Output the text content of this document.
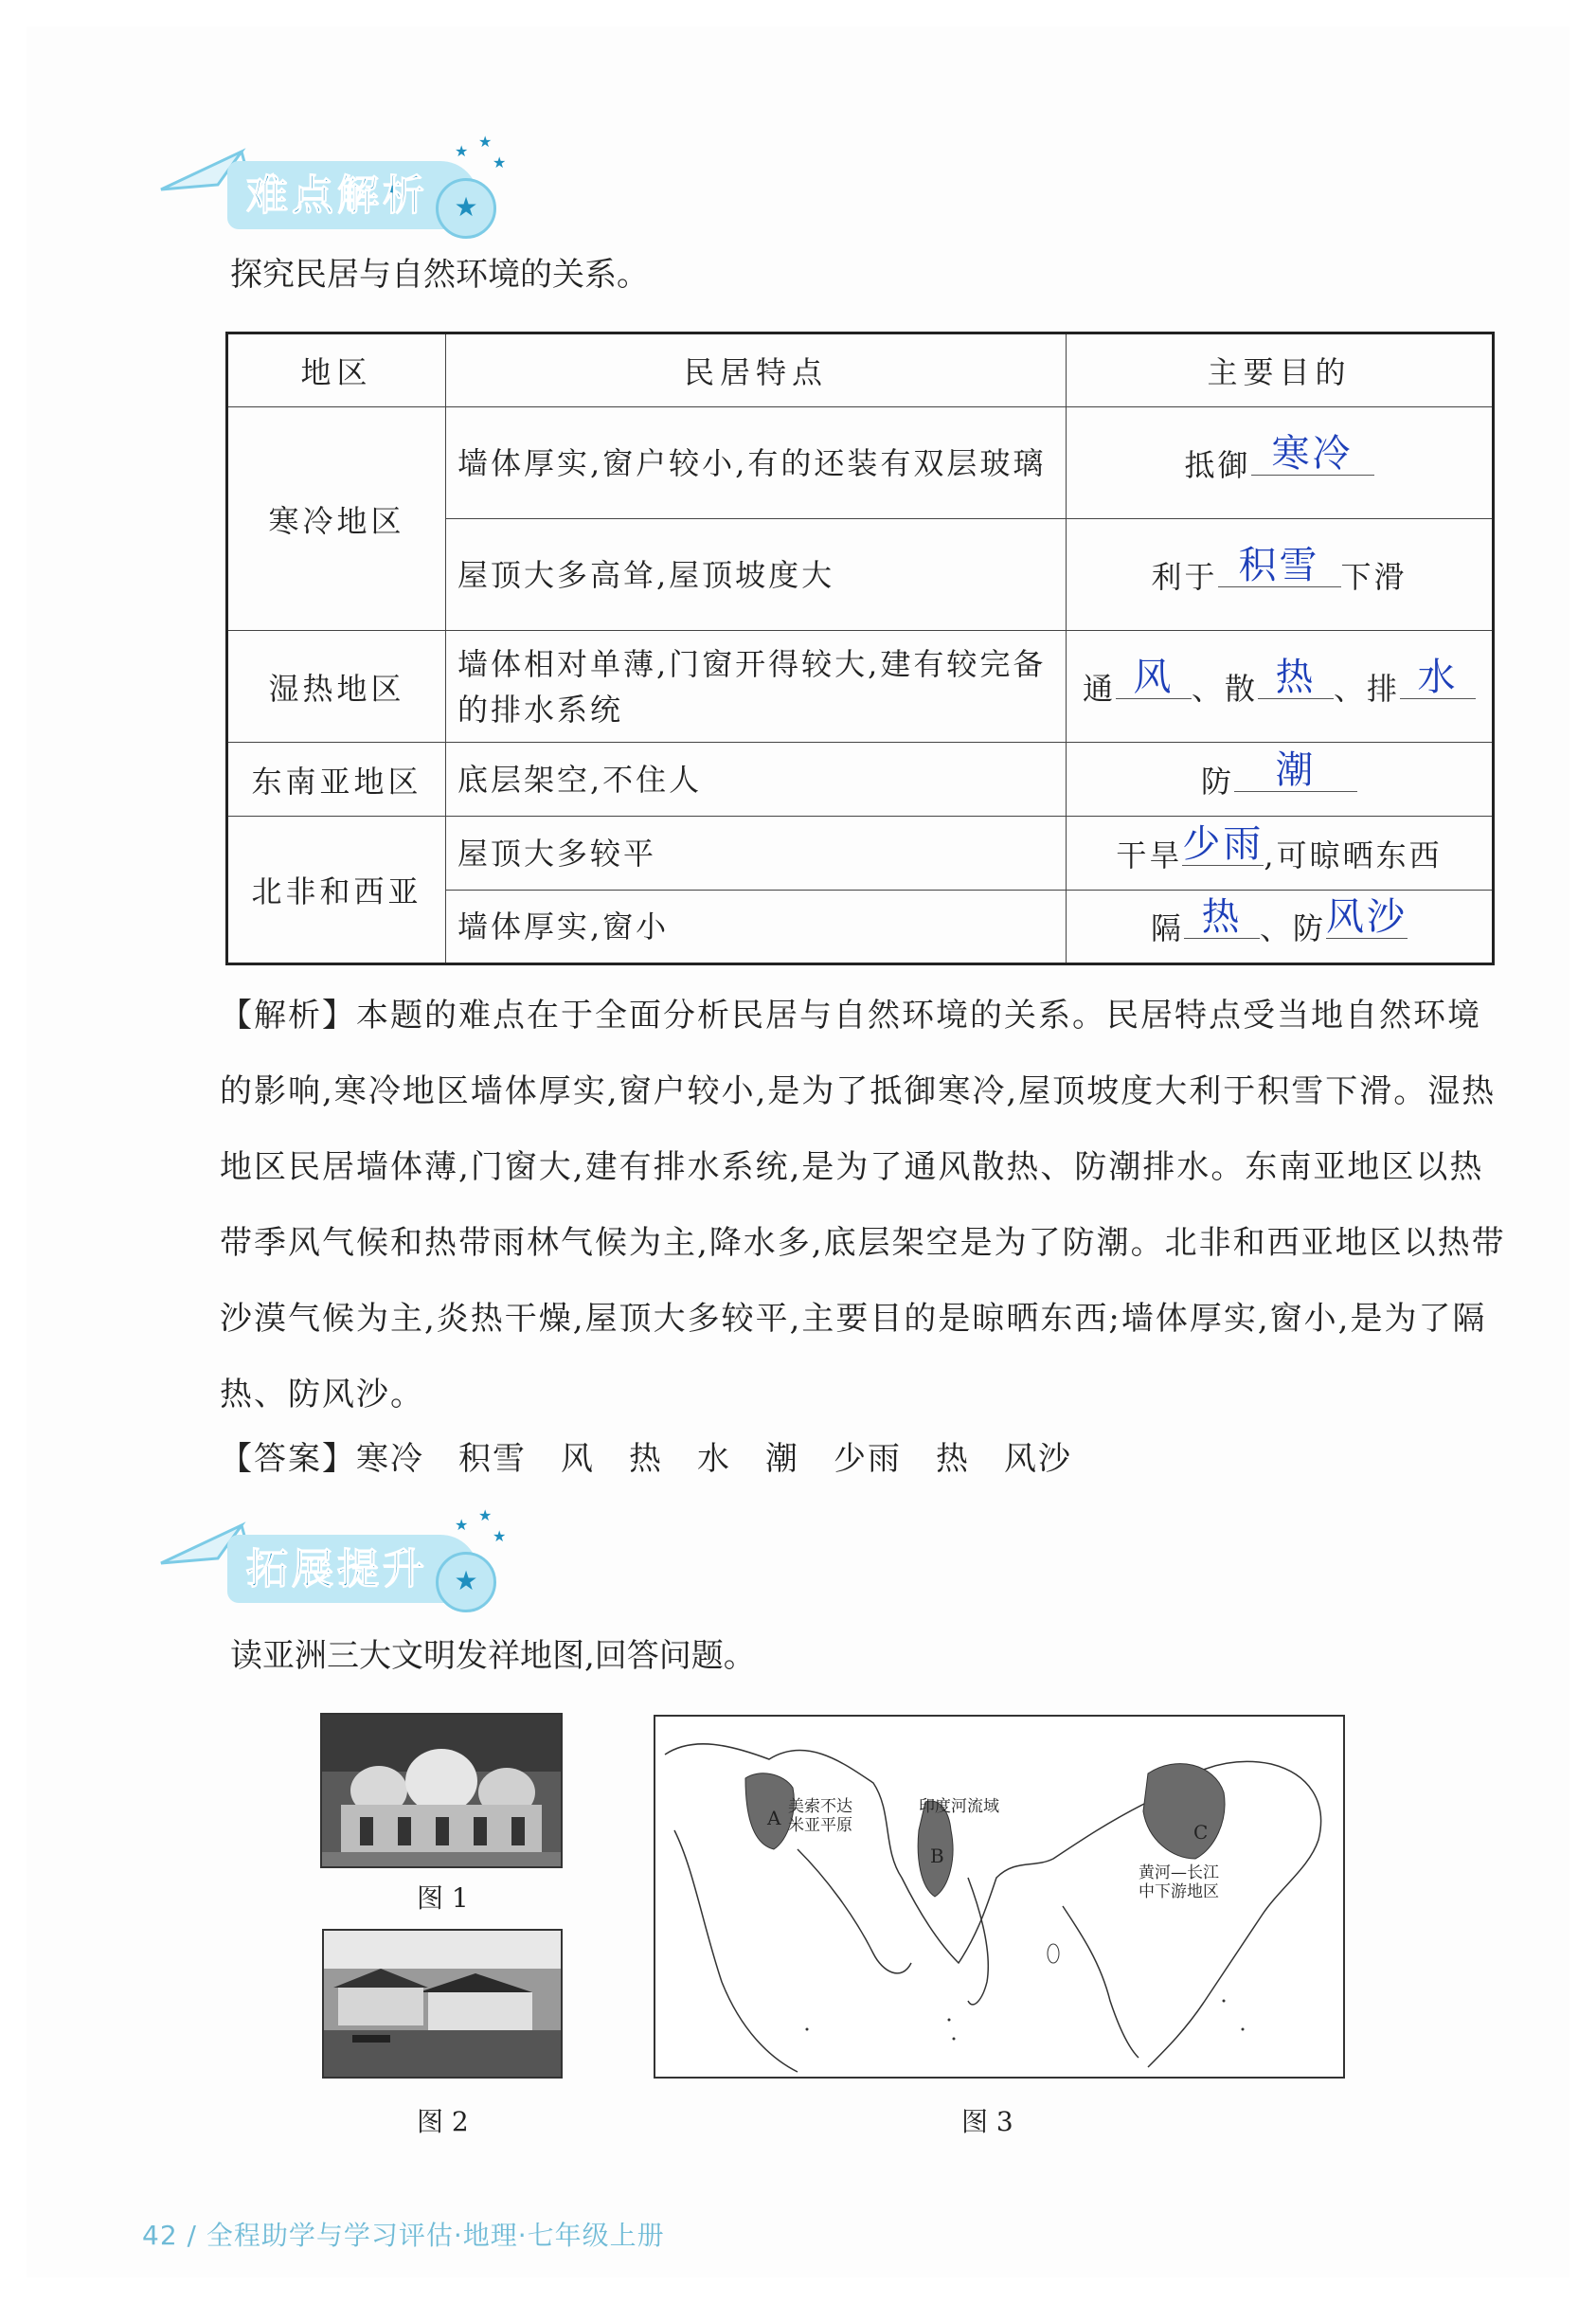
难点解析 ★
★
★
★
探究民居与自然环境的关系。
地区	民居特点	主要目的
寒冷地区	墙体厚实,窗户较小,有的还装有双层玻璃	抵御 寒冷
	屋顶大多高耸,屋顶坡度大	利于 积雪 下滑
湿热地区	墙体相对单薄,门窗开得较大,建有较完备的排水系统	通 风 、散 热 、排 水
东南亚地区	底层架空,不住人	防 潮
北非和西亚	屋顶大多较平	干旱少雨,可晾晒东西
	墙体厚实,窗小	隔 热 、防风沙
【解析】本题的难点在于全面分析民居与自然环境的关系。民居特点受当地自然环境的影响,寒冷地区墙体厚实,窗户较小,是为了抵御寒冷,屋顶坡度大利于积雪下滑。湿热地区民居墙体薄,门窗大,建有排水系统,是为了通风散热、防潮排水。东南亚地区以热带季风气候和热带雨林气候为主,降水多,底层架空是为了防潮。北非和西亚地区以热带沙漠气候为主,炎热干燥,屋顶大多较平,主要目的是晾晒东西;墙体厚实,窗小,是为了隔热、防风沙。
【答案】寒冷　积雪　风　热　水　潮　少雨　热　风沙
拓展提升 ★
★
★
★
读亚洲三大文明发祥地图,回答问题。
图 1
图 2
A 美索不达
米亚平原
印度河流域
B
C
黄河—长江
中下游地区
图 3
42 / 全程助学与学习评估·地理·七年级上册
